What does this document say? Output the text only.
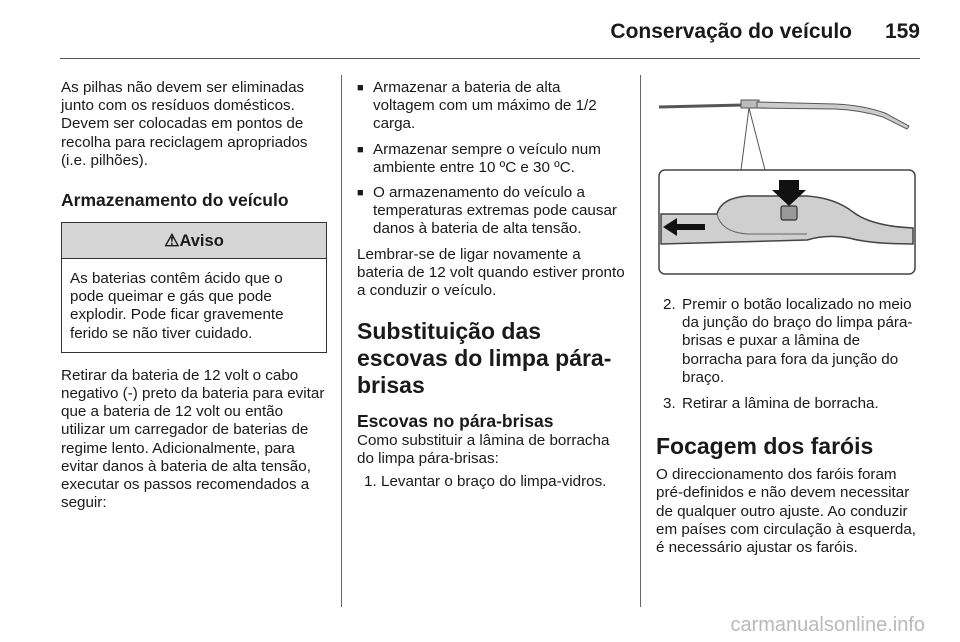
Conservação do veículo	159

As pilhas não devem ser eliminadas junto com os resíduos domésticos. Devem ser colocadas em pontos de recolha para reciclagem apropriados (i.e. pilhões).

Armazenamento do veículo
⚠Aviso
As baterias contêm ácido que o pode queimar e gás que pode explodir. Pode ficar gravemente ferido se não tiver cuidado.

Retirar da bateria de 12 volt o cabo negativo (-) preto da bateria para evitar que a bateria de 12 volt ou então utilizar um carregador de baterias de regime lento. Adicionalmente, para evitar danos à bateria de alta tensão, executar os passos recomendados a seguir:

■ Armazenar a bateria de alta voltagem com um máximo de 1/2 carga.
■ Armazenar sempre o veículo num ambiente entre 10 ºC e 30 ºC.
■ O armazenamento do veículo a temperaturas extremas pode causar danos à bateria de alta tensão.

Lembrar-se de ligar novamente a bateria de 12 volt quando estiver pronto a conduzir o veículo.

Substituição das escovas do limpa pára-brisas
Escovas no pára-brisas

Como substituir a lâmina de borracha do limpa pára-brisas:

1. Levantar o braço do limpa-vidros.
2. Premir o botão localizado no meio da junção do braço do limpa pára-brisas e puxar a lâmina de borracha para fora da junção do braço.
3. Retirar a lâmina de borracha.
Focagem dos faróis

O direccionamento dos faróis foram pré-definidos e não devem necessitar de qualquer outro ajuste. Ao conduzir em países com circulação à esquerda, é necessário ajustar os faróis.

carmanualsonline.info
